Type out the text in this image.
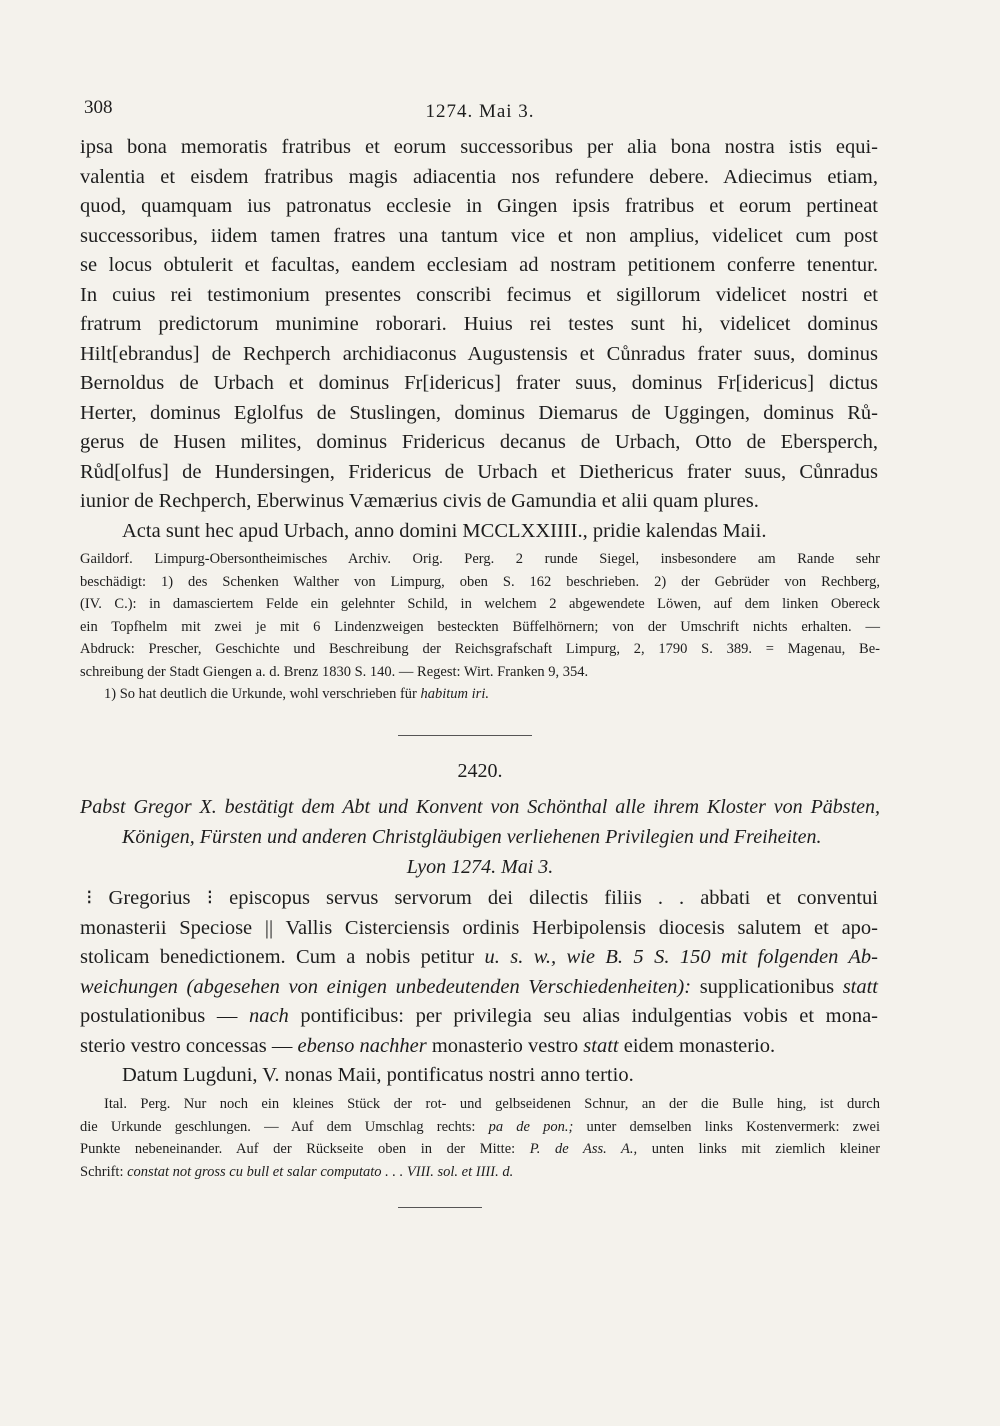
308	1274. Mai 3.
ipsa bona memoratis fratribus et eorum successoribus per alia bona nostra istis equi-
valentia et eisdem fratribus magis adiacentia nos refundere debere. Adiecimus etiam,
quod, quamquam ius patronatus ecclesie in Gingen ipsis fratribus et eorum pertineat
successoribus, iidem tamen fratres una tantum vice et non amplius, videlicet cum post
se locus obtulerit et facultas, eandem ecclesiam ad nostram petitionem conferre tenentur.
In cuius rei testimonium presentes conscribi fecimus et sigillorum videlicet nostri et
fratrum predictorum munimine roborari. Huius rei testes sunt hi, videlicet dominus
Hilt[ebrandus] de Rechperch archidiaconus Augustensis et Cůnradus frater suus, dominus
Bernoldus de Urbach et dominus Fr[idericus] frater suus, dominus Fr[idericus] dictus
Herter, dominus Eglolfus de Stuslingen, dominus Diemarus de Uggingen, dominus Rů-
gerus de Husen milites, dominus Fridericus decanus de Urbach, Otto de Ebersperch,
Růd[olfus] de Hundersingen, Fridericus de Urbach et Diethericus frater suus, Cůnradus
iunior de Rechperch, Eberwinus Væmærius civis de Gamundia et alii quam plures.
Acta sunt hec apud Urbach, anno domini MCCLXXIIII., pridie kalendas Maii.
Gaildorf. Limpurg-Obersontheimisches Archiv. Orig. Perg. 2 runde Siegel, insbesondere am Rande sehr
beschädigt: 1) des Schenken Walther von Limpurg, oben S. 162 beschrieben. 2) der Gebrüder von Rechberg,
(IV. C.): in damasciertem Felde ein gelehnter Schild, in welchem 2 abgewendete Löwen, auf dem linken Obereck
ein Topfhelm mit zwei je mit 6 Lindenzweigen besteckten Büffelhörnern; von der Umschrift nichts erhalten. —
Abdruck: Prescher, Geschichte und Beschreibung der Reichsgrafschaft Limpurg, 2, 1790 S. 389. = Magenau, Be-
schreibung der Stadt Giengen a. d. Brenz 1830 S. 140. — Regest: Wirt. Franken 9, 354.
1) So hat deutlich die Urkunde, wohl verschrieben für habitum iri.
2420.
Pabst Gregor X. bestätigt dem Abt und Konvent von Schönthal alle ihrem Kloster von Päbsten,
Königen, Fürsten und anderen Christgläubigen verliehenen Privilegien und Freiheiten.
Lyon 1274. Mai 3.
⁝ Gregorius ⁝ episcopus servus servorum dei dilectis filiis . . abbati et conventui
monasterii Speciose || Vallis Cisterciensis ordinis Herbipolensis diocesis salutem et apo-
stolicam benedictionem. Cum a nobis petitur u. s. w., wie B. 5 S. 150 mit folgenden Ab-
weichungen (abgesehen von einigen unbedeutenden Verschiedenheiten): supplicationibus statt
postulationibus — nach pontificibus: per privilegia seu alias indulgentias vobis et mona-
sterio vestro concessas — ebenso nachher monasterio vestro statt eidem monasterio.
Datum Lugduni, V. nonas Maii, pontificatus nostri anno tertio.
Ital. Perg. Nur noch ein kleines Stück der rot- und gelbseidenen Schnur, an der die Bulle hing, ist durch
die Urkunde geschlungen. — Auf dem Umschlag rechts: pa de pon.; unter demselben links Kostenvermerk: zwei
Punkte nebeneinander. Auf der Rückseite oben in der Mitte: P. de Ass. A., unten links mit ziemlich kleiner
Schrift: constat not gross cu bull et salar computato . . . VIII. sol. et IIII. d.
